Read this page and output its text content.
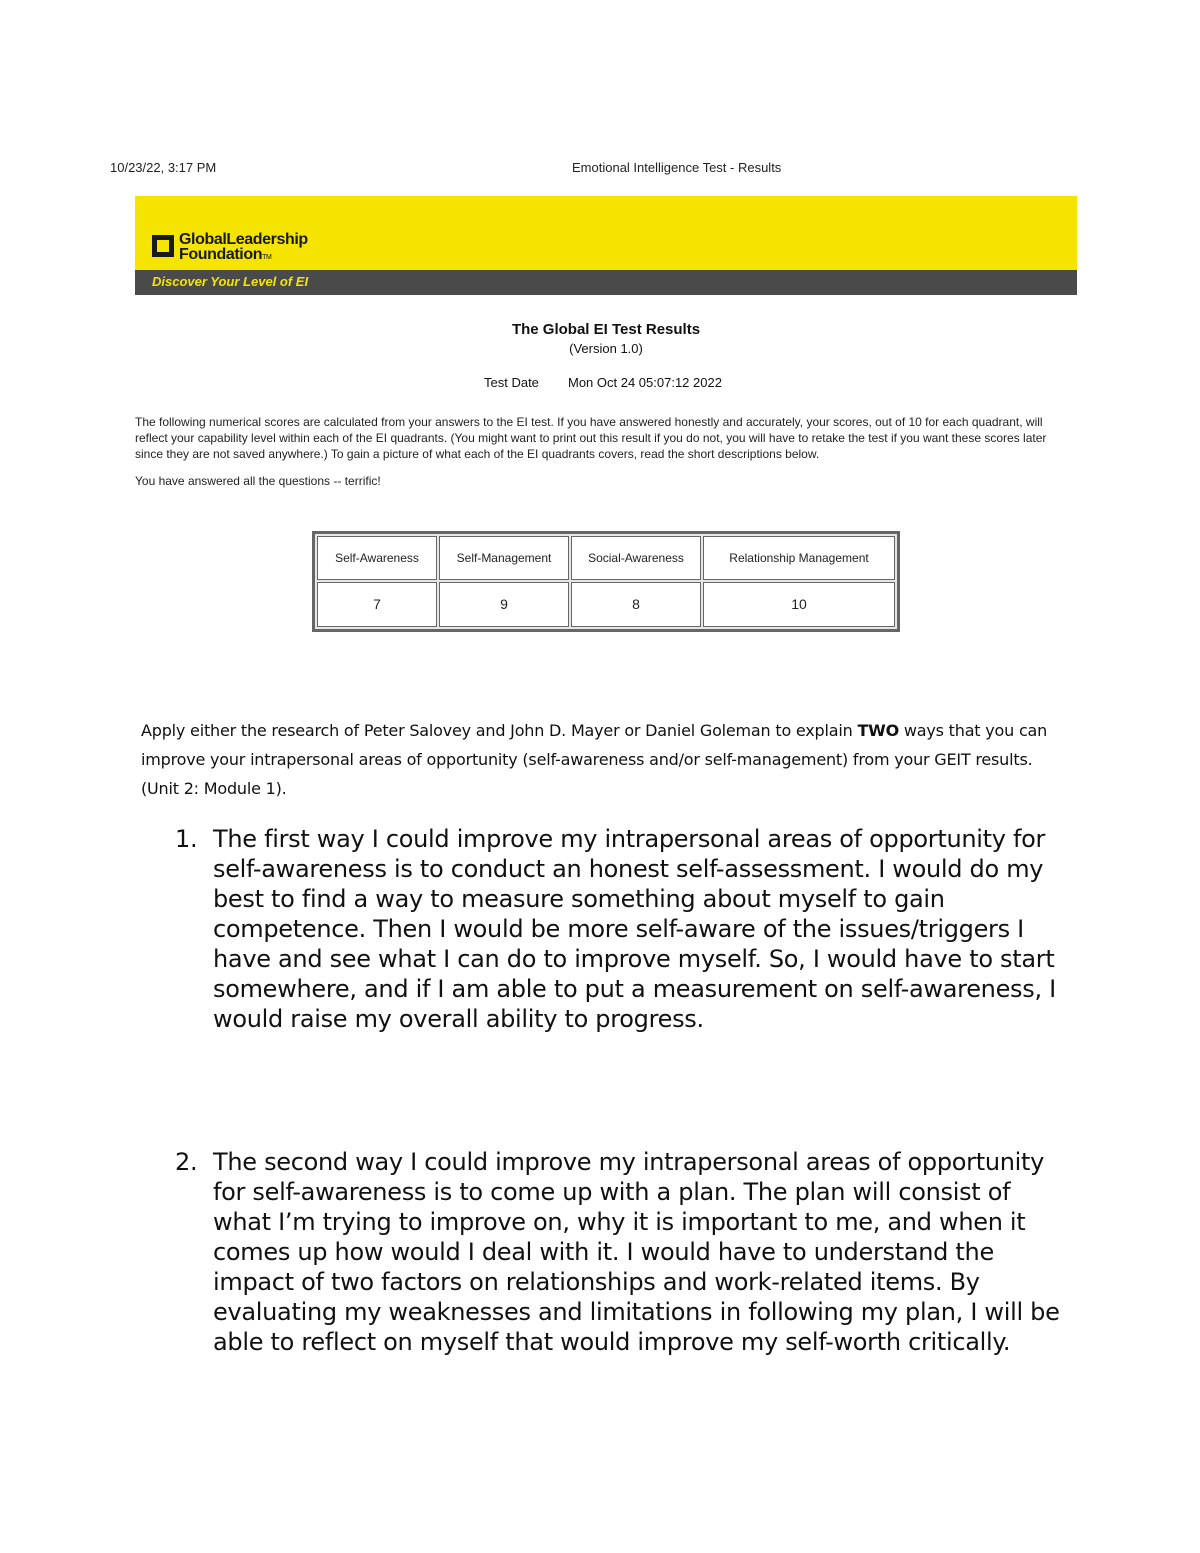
10/23/22, 3:17 PM	Emotional Intelligence Test - Results
GlobalLeadership
FoundationTM
Discover Your Level of EI
The Global EI Test Results
(Version 1.0)
Test Date Mon Oct 24 05:07:12 2022
The following numerical scores are calculated from your answers to the EI test. If you have answered honestly and accurately, your scores, out of 10 for each quadrant, will reflect your capability level within each of the EI quadrants. (You might want to print out this result if you do not, you will have to retake the test if you want these scores later since they are not saved anywhere.) To gain a picture of what each of the EI quadrants covers, read the short descriptions below.
You have answered all the questions -- terrific!
Self-Awareness	Self-Management	Social-Awareness	Relationship Management
7	9	8	10
Apply either the research of Peter Salovey and John D. Mayer or Daniel Goleman to explain TWO ways that you can improve your intrapersonal areas of opportunity (self-awareness and/or self-management) from your GEIT results. (Unit 2: Module 1).
1. The first way I could improve my intrapersonal areas of opportunity for self-awareness is to conduct an honest self-assessment. I would do my best to find a way to measure something about myself to gain competence. Then I would be more self-aware of the issues/triggers I have and see what I can do to improve myself. So, I would have to start somewhere, and if I am able to put a measurement on self-awareness, I would raise my overall ability to progress.
2. The second way I could improve my intrapersonal areas of opportunity for self-awareness is to come up with a plan. The plan will consist of what I’m trying to improve on, why it is important to me, and when it comes up how would I deal with it. I would have to understand the impact of two factors on relationships and work-related items. By evaluating my weaknesses and limitations in following my plan, I will be able to reflect on myself that would improve my self-worth critically.
